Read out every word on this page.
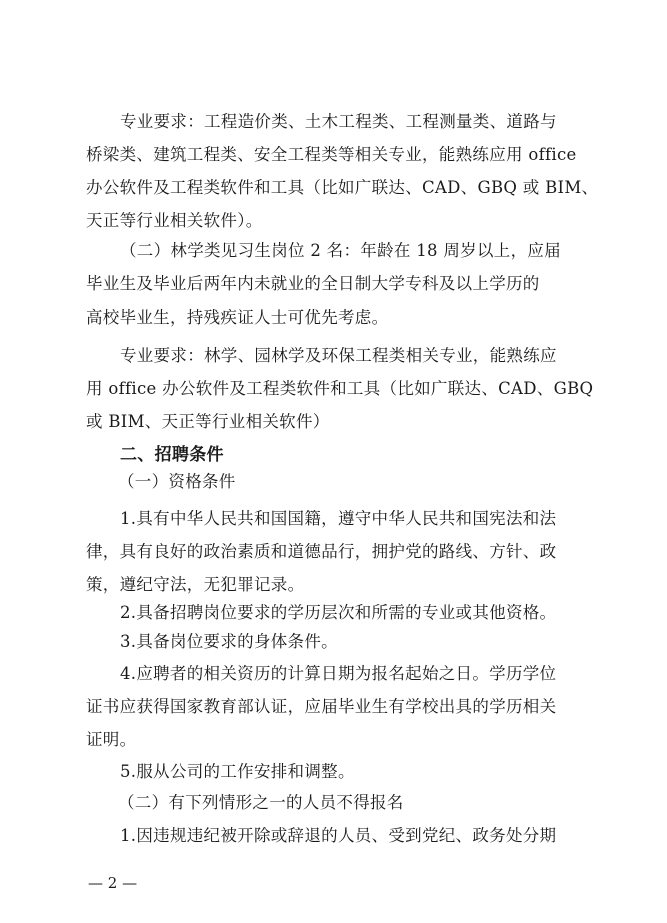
专业要求：工程造价类、土木工程类、工程测量类、道路与
桥梁类、建筑工程类、安全工程类等相关专业，能熟练应用 office
办公软件及工程类软件和工具（比如广联达、CAD、GBQ 或 BIM、
天正等行业相关软件）。
（二）林学类见习生岗位 2 名：年龄在 18 周岁以上，应届
毕业生及毕业后两年内未就业的全日制大学专科及以上学历的
高校毕业生，持残疾证人士可优先考虑。
专业要求：林学、园林学及环保工程类相关专业，能熟练应
用 office 办公软件及工程类软件和工具（比如广联达、CAD、GBQ
或 BIM、天正等行业相关软件）
二、招聘条件
（一）资格条件
1.具有中华人民共和国国籍，遵守中华人民共和国宪法和法
律，具有良好的政治素质和道德品行，拥护党的路线、方针、政
策，遵纪守法，无犯罪记录。
2.具备招聘岗位要求的学历层次和所需的专业或其他资格。
3.具备岗位要求的身体条件。
4.应聘者的相关资历的计算日期为报名起始之日。学历学位
证书应获得国家教育部认证，应届毕业生有学校出具的学历相关
证明。
5.服从公司的工作安排和调整。
（二）有下列情形之一的人员不得报名
1.因违规违纪被开除或辞退的人员、受到党纪、政务处分期
— 2 —
